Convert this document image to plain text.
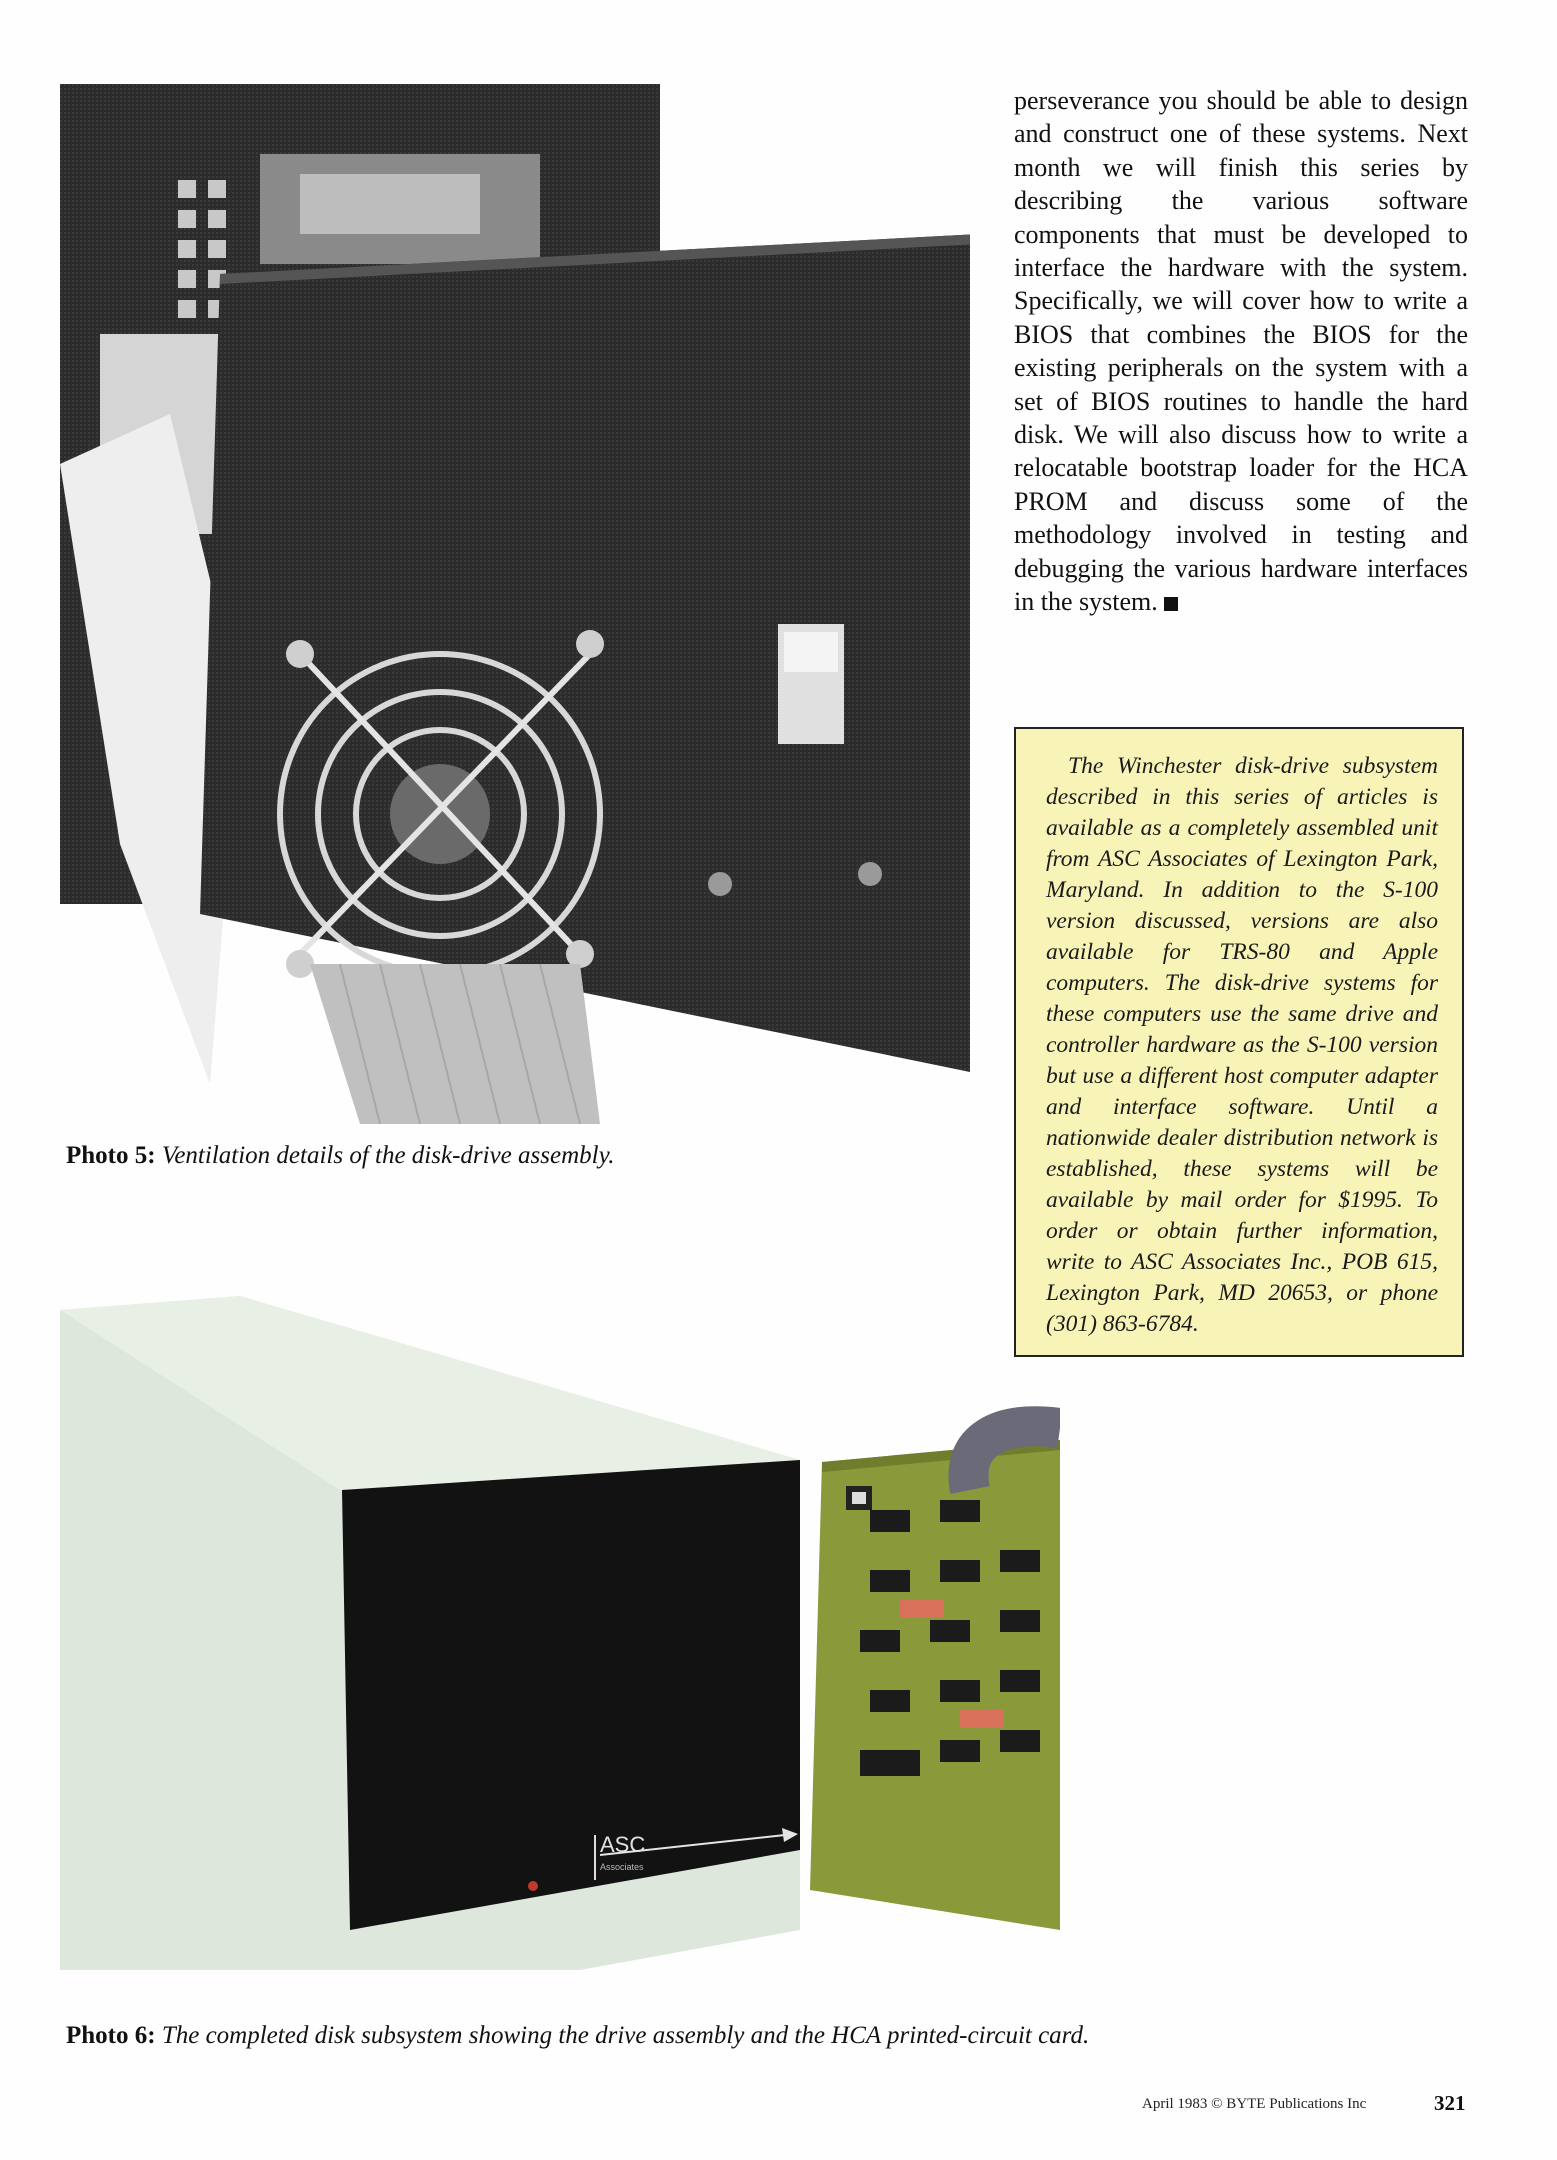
Photo 5: Ventilation details of the disk-drive assembly.

perseverance you should be able to design and construct one of these systems. Next month we will finish this series by describing the various software components that must be developed to interface the hardware with the system. Specifically, we will cover how to write a BIOS that combines the BIOS for the existing peripherals on the system with a set of BIOS routines to handle the hard disk. We will also discuss how to write a relocatable bootstrap loader for the HCA PROM and discuss some of the methodology involved in testing and debugging the various hardware interfaces in the system.

The Winchester disk-drive subsystem described in this series of articles is available as a completely assembled unit from ASC Associates of Lexington Park, Maryland. In addition to the S-100 version discussed, versions are also available for TRS-80 and Apple computers. The disk-drive systems for these computers use the same drive and controller hardware as the S-100 version but use a different host computer adapter and interface software. Until a nationwide dealer distribution network is established, these systems will be available by mail order for $1995. To order or obtain further information, write to ASC Associates Inc., POB 615, Lexington Park, MD 20653, or phone (301) 863-6784.

ASC
Associates
Photo 6: The completed disk subsystem showing the drive assembly and the HCA printed-circuit card.
April 1983 © BYTE Publications Inc	321
